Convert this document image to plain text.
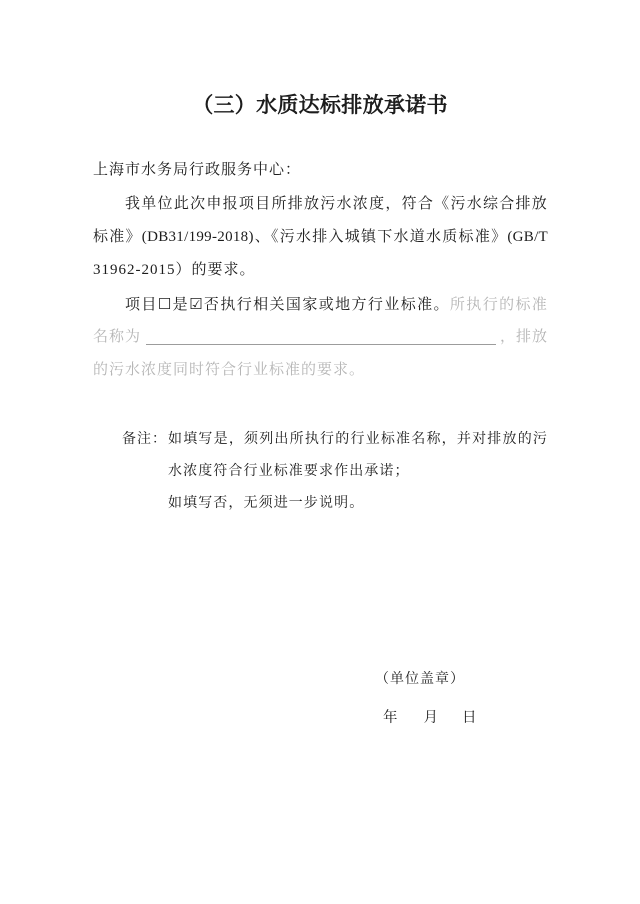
（三）水质达标排放承诺书
上海市水务局行政服务中心：
我单位此次申报项目所排放污水浓度，符合《污水综合排放
标准》(DB31/199-2018)、《污水排入城镇下水道水质标准》(GB/T
31962-2015）的要求。
项目☐是☑否执行相关国家或地方行业标准。所执行的标准
名称为	，排放
的污水浓度同时符合行业标准的要求。
备注： 如填写是，须列出所执行的行业标准名称，并对排放的污
水浓度符合行业标准要求作出承诺；
如填写否，无须进一步说明。
（单位盖章）
年 月 日
